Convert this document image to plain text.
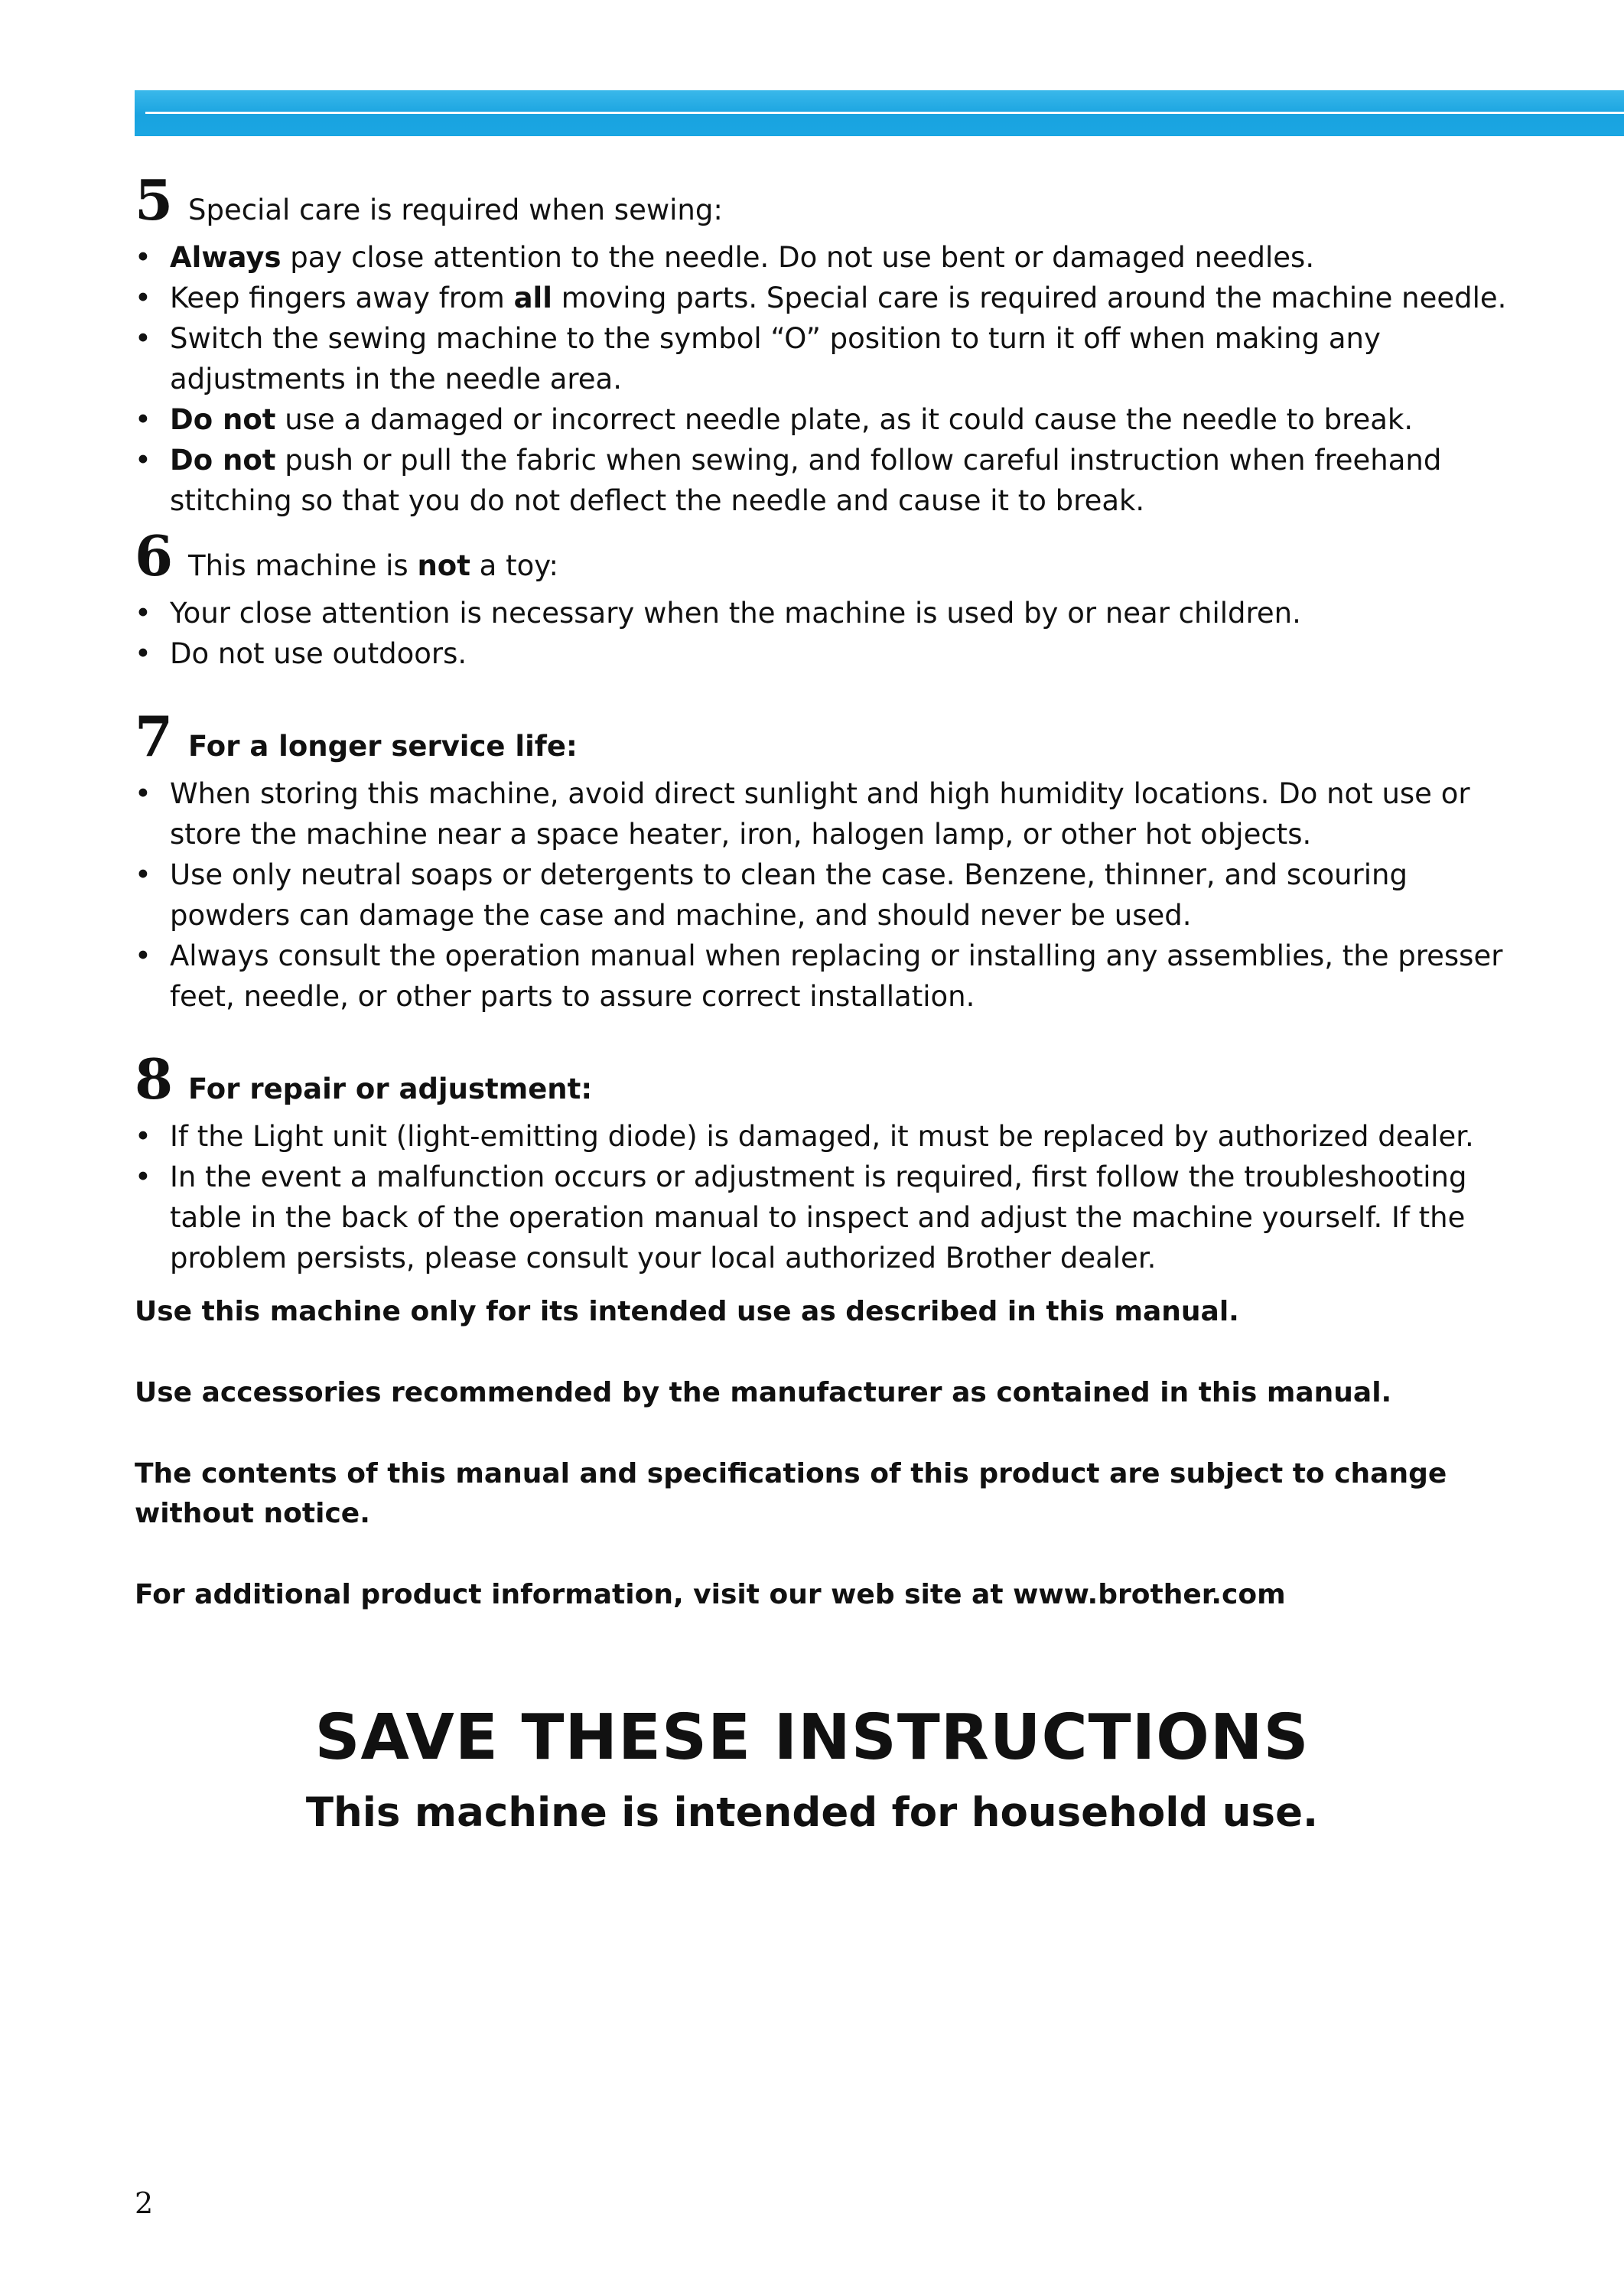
5 Special care is required when sewing:
• Always pay close attention to the needle. Do not use bent or damaged needles.
• Keep fingers away from all moving parts. Special care is required around the machine needle.
• Switch the sewing machine to the symbol “O” position to turn it off when making any adjustments in the needle area.
• Do not use a damaged or incorrect needle plate, as it could cause the needle to break.
• Do not push or pull the fabric when sewing, and follow careful instruction when freehand stitching so that you do not deflect the needle and cause it to break.
6 This machine is not a toy:
• Your close attention is necessary when the machine is used by or near children.
• Do not use outdoors.
7 For a longer service life:
• When storing this machine, avoid direct sunlight and high humidity locations. Do not use or store the machine near a space heater, iron, halogen lamp, or other hot objects.
• Use only neutral soaps or detergents to clean the case. Benzene, thinner, and scouring powders can damage the case and machine, and should never be used.
• Always consult the operation manual when replacing or installing any assemblies, the presser feet, needle, or other parts to assure correct installation.
8 For repair or adjustment:
• If the Light unit (light-emitting diode) is damaged, it must be replaced by authorized dealer.
• In the event a malfunction occurs or adjustment is required, first follow the troubleshooting table in the back of the operation manual to inspect and adjust the machine yourself. If the problem persists, please consult your local authorized Brother dealer.

Use this machine only for its intended use as described in this manual.

Use accessories recommended by the manufacturer as contained in this manual.

The contents of this manual and specifications of this product are subject to change without notice.

For additional product information, visit our web site at www.brother.com

SAVE THESE INSTRUCTIONS
This machine is intended for household use.
2
